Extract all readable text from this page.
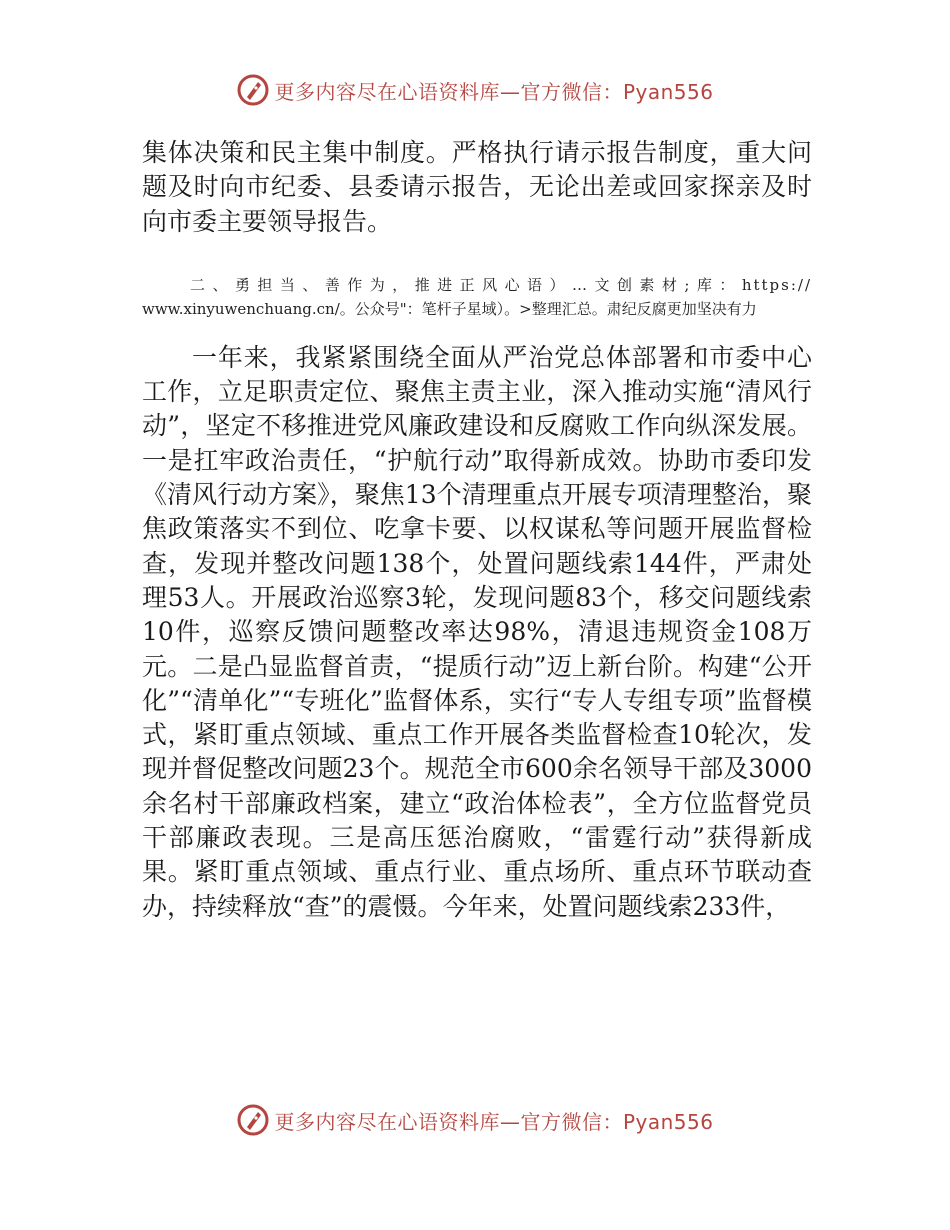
更多内容尽在心语资料库—官方微信：Pyan556

集体决策和民主集中制度。严格执行请示报告制度，重大问题及时向市纪委、县委请示报告，无论出差或回家探亲及时向市委主要领导报告。

二、勇担当、善作为，推进正风心语）…文创素材;库：https://
www.xinyuwenchuang.cn/。公众号"：笔杆子星域）。>整理汇总。肃纪反腐更加坚决有力

一年来，我紧紧围绕全面从严治党总体部署和市委中心工作，立足职责定位、聚焦主责主业，深入推动实施“清风行动”，坚定不移推进党风廉政建设和反腐败工作向纵深发展。一是扛牢政治责任，“护航行动”取得新成效。协助市委印发《清风行动方案》，聚焦13个清理重点开展专项清理整治，聚焦政策落实不到位、吃拿卡要、以权谋私等问题开展监督检查，发现并整改问题138个，处置问题线索144件，严肃处理53人。开展政治巡察3轮，发现问题83个，移交问题线索10件，巡察反馈问题整改率达98%，清退违规资金108万元。二是凸显监督首责，“提质行动”迈上新台阶。构建“公开化”“清单化”“专班化”监督体系，实行“专人专组专项”监督模式，紧盯重点领域、重点工作开展各类监督检查10轮次，发现并督促整改问题23个。规范全市600余名领导干部及3000余名村干部廉政档案，建立“政治体检表”，全方位监督党员干部廉政表现。三是高压惩治腐败，“雷霆行动”获得新成果。紧盯重点领域、重点行业、重点场所、重点环节联动查办，持续释放“查”的震慑。今年来，处置问题线索233件，

更多内容尽在心语资料库—官方微信：Pyan556
